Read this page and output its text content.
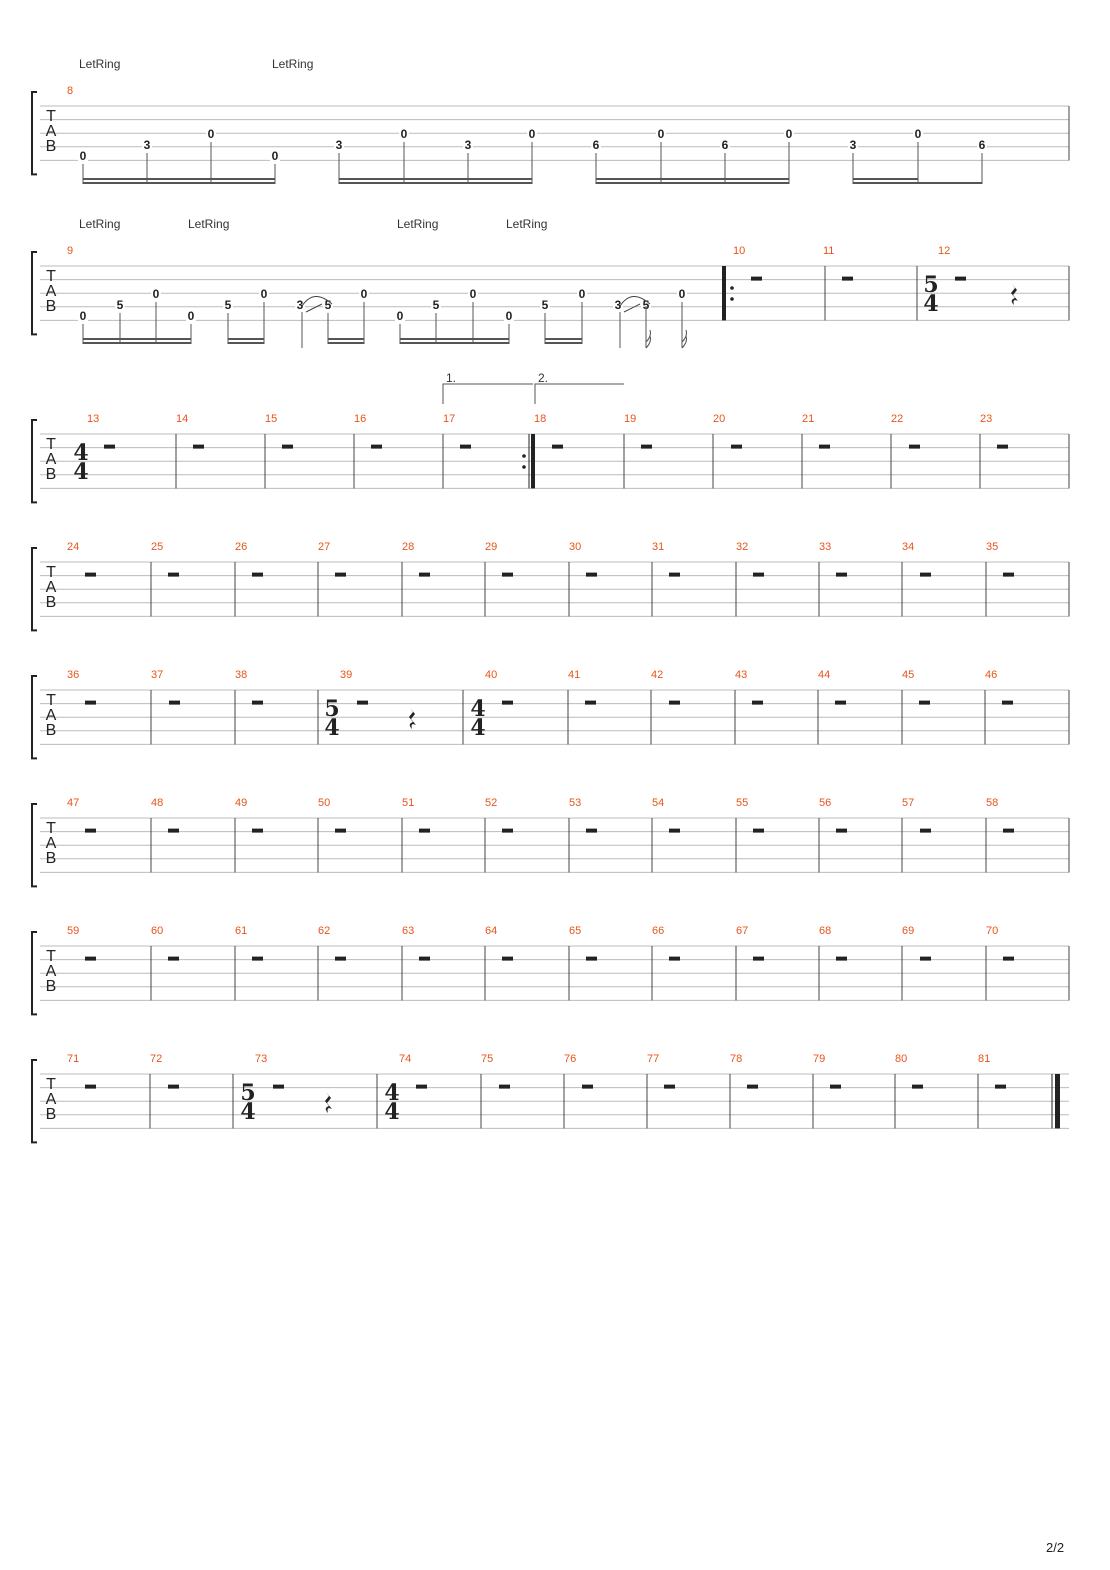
T
A
B
LetRing	LetRing
8
0
3
0
0
3
0
3
0
6
0
6
0
3
0
6
T
A
B
LetRing	LetRing	LetRing	LetRing
9
0
5
0
0
5
0
3 5
0
0
5
0
0
5
0
3 5
0
10	11	12
5
4
T
A
B
13
4
4
14	15	16	17	18	19	20	21	22	23
1.	2.
T
A
B
24	25	26	27	28	29	30	31	32	33	34	35
T
A
B
47	48	49	50	51	52	53	54	55	56	57	58
T
A
B
59	60	61	62	63	64	65	66	67	68	69	70
T
A
B
36	37	38	39
5
4
40
4
4
41	42	43	44	45	46
T
A
B
71	72	73
5
4
74
4
4
75	76	77	78	79	80	81
2/2
